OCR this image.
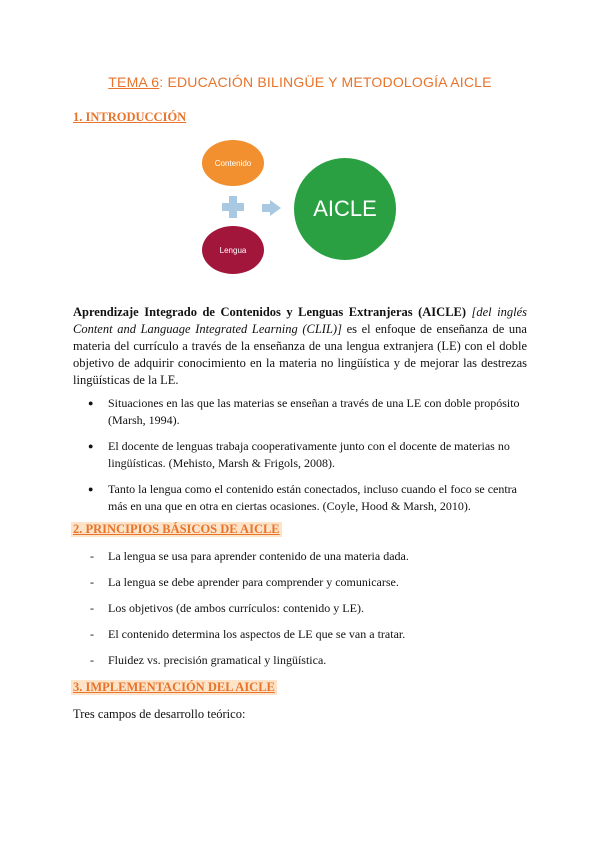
TEMA 6: EDUCACIÓN BILINGÜE Y METODOLOGÍA AICLE
1. INTRODUCCIÓN
Contenido
Lengua
AICLE
Aprendizaje Integrado de Contenidos y Lenguas Extranjeras (AICLE) [del inglés Content and Language Integrated Learning (CLIL)] es el enfoque de enseñanza de una materia del currículo a través de la enseñanza de una lengua extranjera (LE) con el doble objetivo de adquirir conocimiento en la materia no lingüística y de mejorar las destrezas lingüísticas de la LE.
● Situaciones en las que las materias se enseñan a través de una LE con doble propósito (Marsh, 1994).
● El docente de lenguas trabaja cooperativamente junto con el docente de materias no lingüísticas. (Mehisto, Marsh & Frigols, 2008).
● Tanto la lengua como el contenido están conectados, incluso cuando el foco se centra más en una que en otra en ciertas ocasiones. (Coyle, Hood & Marsh, 2010).
2. PRINCIPIOS BÁSICOS DE AICLE
- La lengua se usa para aprender contenido de una materia dada.
- La lengua se debe aprender para comprender y comunicarse.
- Los objetivos (de ambos currículos: contenido y LE).
- El contenido determina los aspectos de LE que se van a tratar.
- Fluidez vs. precisión gramatical y lingüística.
3. IMPLEMENTACIÓN DEL AICLE
Tres campos de desarrollo teórico:
